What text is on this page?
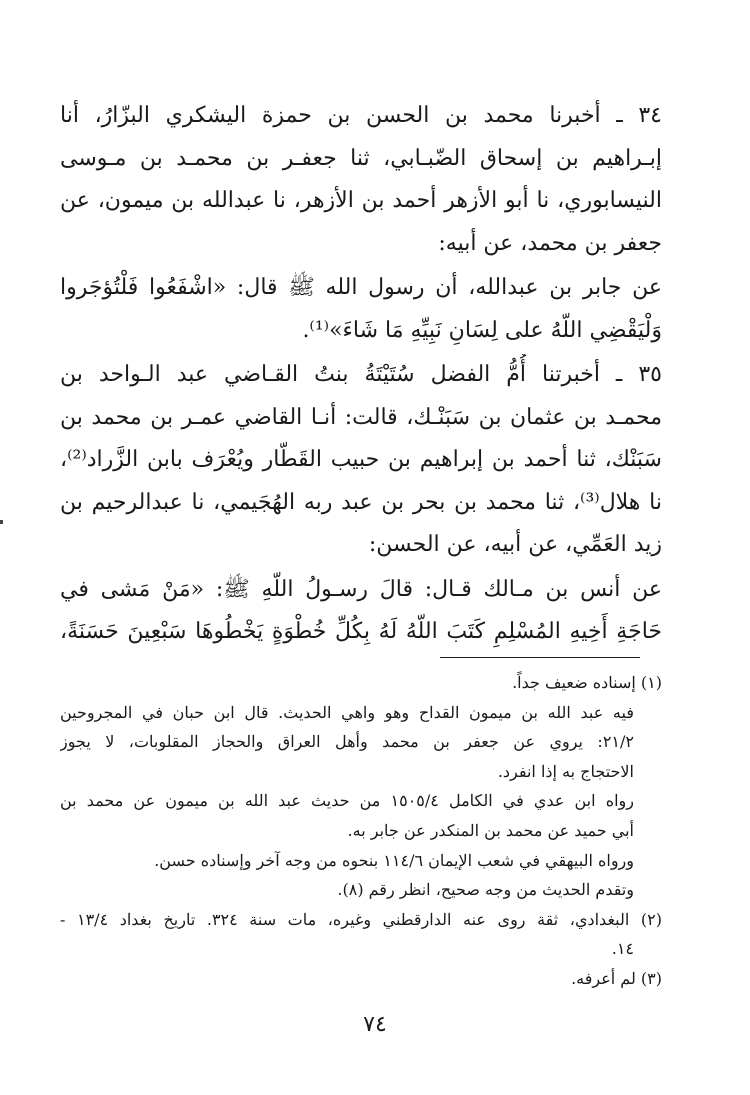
٣٤ ـ أخبرنا محمد بن الحسن بن حمزة اليشكري البزّارُ، أنا
إبـراهيم بن إسحاق الضّبـابي، ثنا جعفـر بن محمـد بن مـوسى
النيسابوري، نا أبو الأزهر أحمد بن الأزهر، نا عبدالله بن ميمون، عن
جعفر بن محمد، عن أبيه:
عن جابر بن عبدالله، أن رسول الله ﷺ قال: «اشْفَعُوا فَلْتُؤجَروا
وَلْيَقْضِي اللّهُ على لِسَانِ نَبِيِّهِ مَا شَاءَ»⁽¹⁾.
٣٥ ـ أخبرتنا أُمُّ الفضل سُتَيْتَةُ بنتُ القـاضي عبد الـواحد بن
محمـد بن عثمان بن سَبَنْـك، قالت: أنـا القاضي عمـر بن محمد بن
سَبَنْك، ثنا أحمد بن إبراهيم بن حبيب القَطّار ويُعْرَف بابن الزَّراد⁽²⁾،
نا هلال⁽³⁾، ثنا محمد بن بحر بن عبد ربه الهُجَيمي، نا عبدالرحيم بن
زيد العَمِّي، عن أبيه، عن الحسن:
عن أنس بن مـالك قـال: قالَ رسـولُ اللّهِ ﷺ: «مَنْ مَشى في
حَاجَةِ أَخِيهِ المُسْلِمِ كَتَبَ اللّهُ لَهُ بِكُلِّ خُطْوَةٍ يَخْطُوهَا سَبْعِينَ حَسَنَةً،
(١) إسناده ضعيف جداً.
فيه عبد الله بن ميمون القداح وهو واهي الحديث. قال ابن حبان في المجروحين
٢١/٢: يروي عن جعفر بن محمد وأهل العراق والحجاز المقلوبات، لا يجوز
الاحتجاج به إذا انفرد.
رواه ابن عدي في الكامل ١٥٠٥/٤ من حديث عبد الله بن ميمون عن محمد بن
أبي حميد عن محمد بن المنكدر عن جابر به.
ورواه البيهقي في شعب الإيمان ١١٤/٦ بنحوه من وجه آخر وإسناده حسن.
وتقدم الحديث من وجه صحيح، انظر رقم (٨).
(٢) البغدادي، ثقة روى عنه الدارقطني وغيره، مات سنة ٣٢٤. تاريخ بغداد ١٣/٤ -
١٤.
(٣) لم أعرفه.
٧٤
